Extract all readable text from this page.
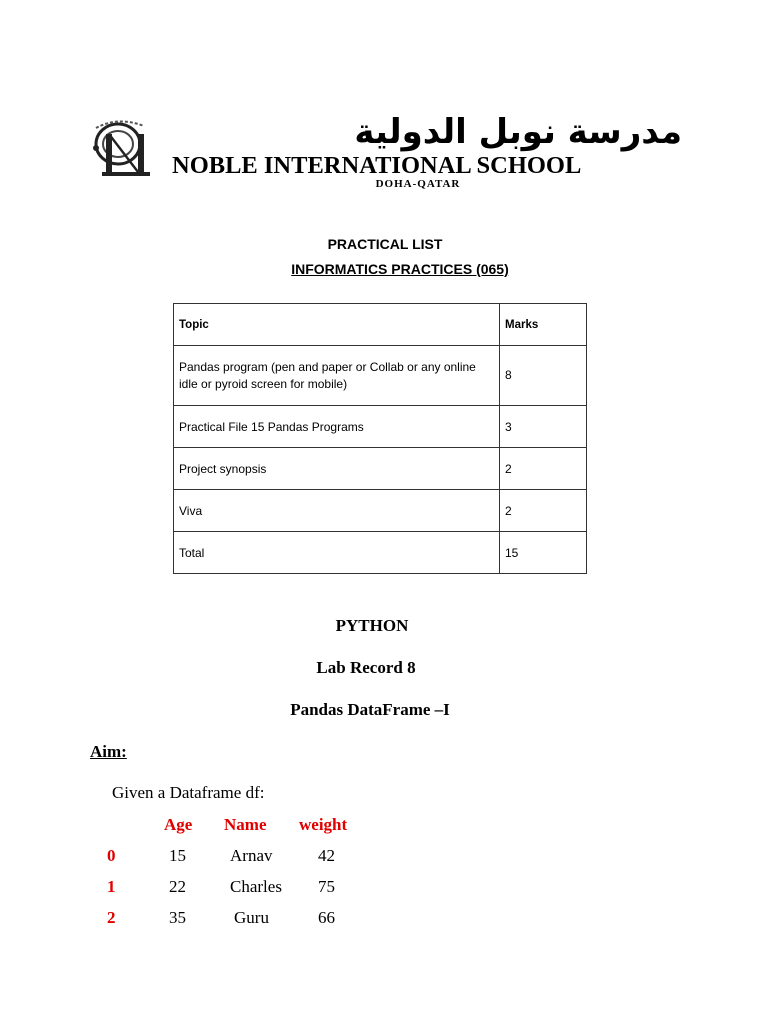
مدرسة نوبل الدولية
NOBLE INTERNATIONAL SCHOOL
DOHA-QATAR
PRACTICAL LIST
INFORMATICS PRACTICES (065)
Topic	Marks
Pandas program (pen and paper or Collab or any online idle or pyroid screen for mobile)	8
Practical File 15 Pandas Programs	3
Project synopsis	2
Viva	2
Total	15
PYTHON
Lab Record 8
Pandas DataFrame –I
Aim:
Given a Dataframe df:
Age Name weight
0	15	Arnav	42
1	22	Charles 75
2	35	Guru	66
